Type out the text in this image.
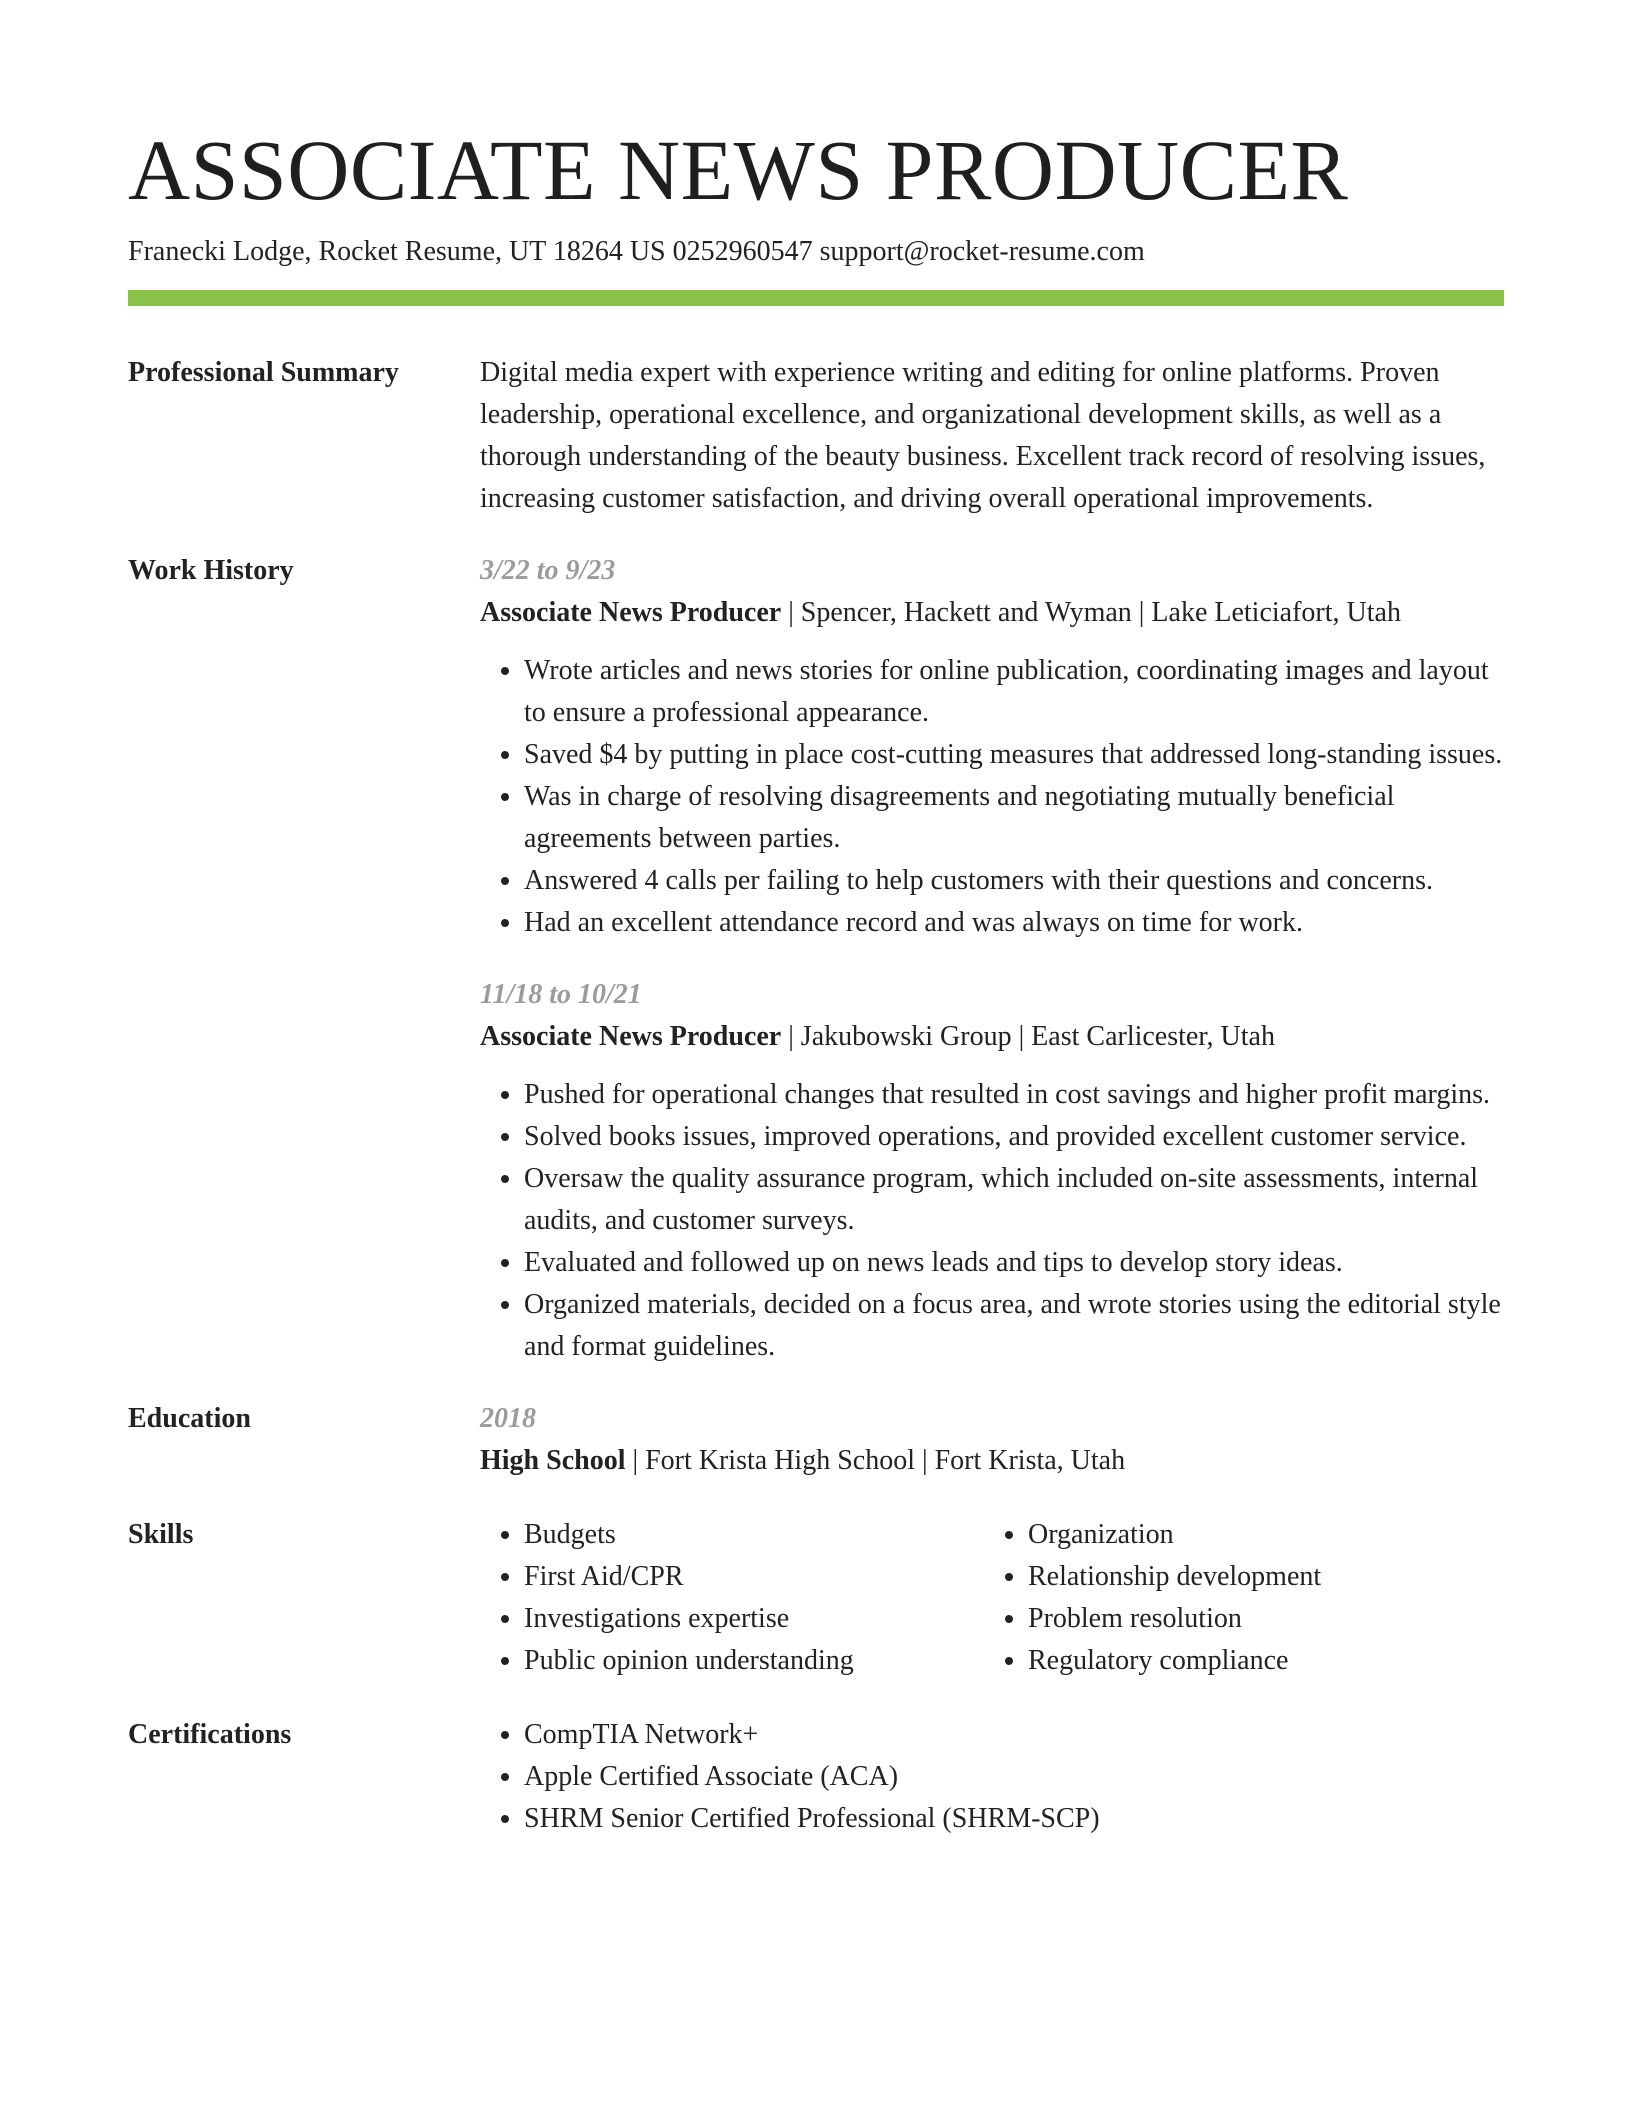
ASSOCIATE NEWS PRODUCER
Franecki Lodge, Rocket Resume, UT 18264 US 0252960547 support@rocket-resume.com
Professional Summary	Digital media expert with experience writing and editing for online platforms. Proven leadership, operational excellence, and organizational development skills, as well as a thorough understanding of the beauty business. Excellent track record of resolving issues, increasing customer satisfaction, and driving overall operational improvements.
Work History	3/22 to 9/23
Associate News Producer | Spencer, Hackett and Wyman | Lake Leticiafort, Utah
• Wrote articles and news stories for online publication, coordinating images and layout to ensure a professional appearance.
• Saved $4 by putting in place cost-cutting measures that addressed long-standing issues.
• Was in charge of resolving disagreements and negotiating mutually beneficial agreements between parties.
• Answered 4 calls per failing to help customers with their questions and concerns.
• Had an excellent attendance record and was always on time for work.
11/18 to 10/21
Associate News Producer | Jakubowski Group | East Carlicester, Utah
• Pushed for operational changes that resulted in cost savings and higher profit margins.
• Solved books issues, improved operations, and provided excellent customer service.
• Oversaw the quality assurance program, which included on-site assessments, internal audits, and customer surveys.
• Evaluated and followed up on news leads and tips to develop story ideas.
• Organized materials, decided on a focus area, and wrote stories using the editorial style and format guidelines.
Education	2018
High School | Fort Krista High School | Fort Krista, Utah
Skills	• Budgets
• First Aid/CPR
• Investigations expertise
• Public opinion understanding
• Organization
• Relationship development
• Problem resolution
• Regulatory compliance
Certifications	• CompTIA Network+
• Apple Certified Associate (ACA)
• SHRM Senior Certified Professional (SHRM-SCP)
